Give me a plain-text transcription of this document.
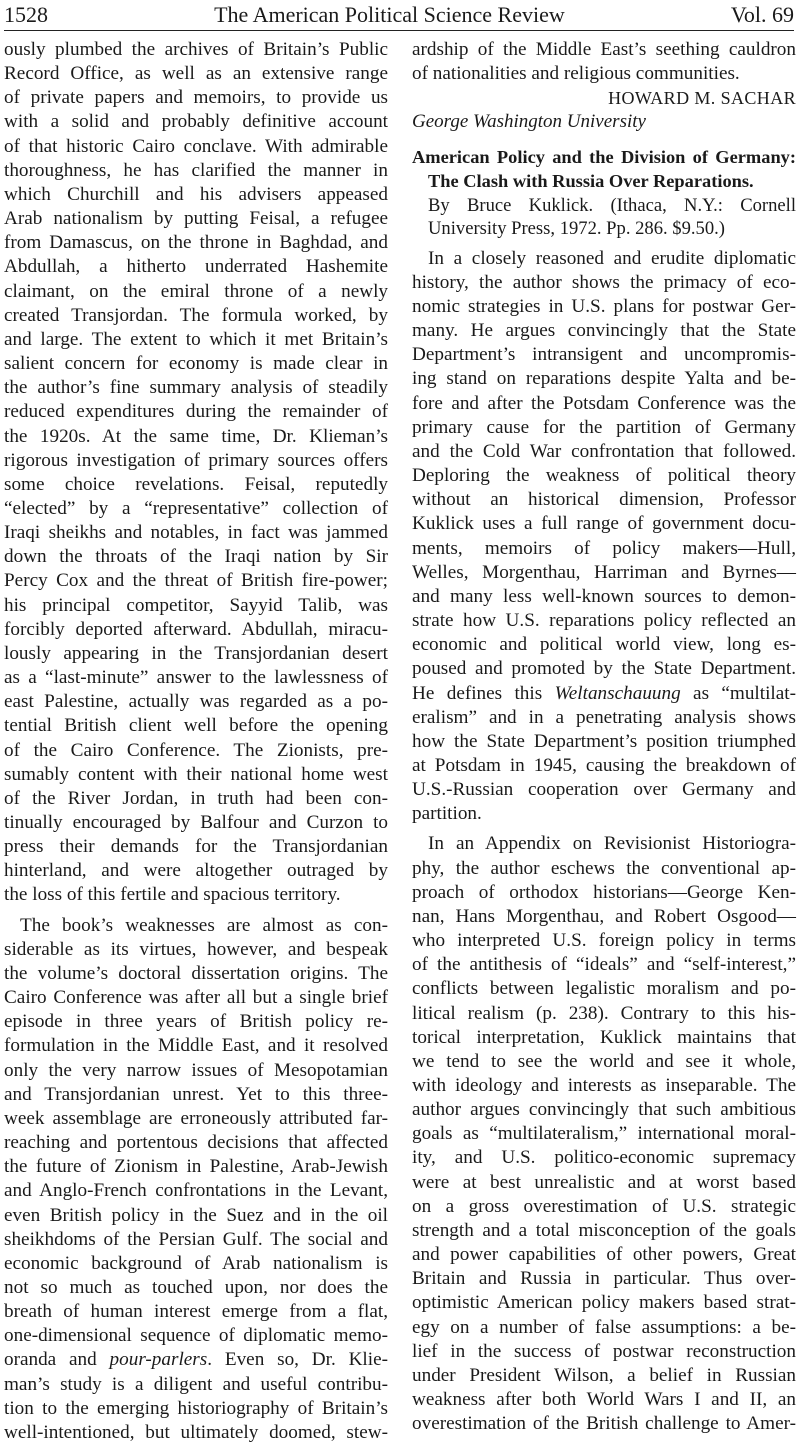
1528	The American Political Science Review	Vol. 69
ously plumbed the archives of Britain’s Public
Record Office, as well as an extensive range
of private papers and memoirs, to provide us
with a solid and probably definitive account
of that historic Cairo conclave. With admirable
thoroughness, he has clarified the manner in
which Churchill and his advisers appeased
Arab nationalism by putting Feisal, a refugee
from Damascus, on the throne in Baghdad, and
Abdullah, a hitherto underrated Hashemite
claimant, on the emiral throne of a newly
created Transjordan. The formula worked, by
and large. The extent to which it met Britain’s
salient concern for economy is made clear in
the author’s fine summary analysis of steadily
reduced expenditures during the remainder of
the 1920s. At the same time, Dr. Klieman’s
rigorous investigation of primary sources offers
some choice revelations. Feisal, reputedly
“elected” by a “representative” collection of
Iraqi sheikhs and notables, in fact was jammed
down the throats of the Iraqi nation by Sir
Percy Cox and the threat of British fire-power;
his principal competitor, Sayyid Talib, was
forcibly deported afterward. Abdullah, miracu-
lously appearing in the Transjordanian desert
as a “last-minute” answer to the lawlessness of
east Palestine, actually was regarded as a po-
tential British client well before the opening
of the Cairo Conference. The Zionists, pre-
sumably content with their national home west
of the River Jordan, in truth had been con-
tinually encouraged by Balfour and Curzon to
press their demands for the Transjordanian
hinterland, and were altogether outraged by
the loss of this fertile and spacious territory.
The book’s weaknesses are almost as con-
siderable as its virtues, however, and bespeak
the volume’s doctoral dissertation origins. The
Cairo Conference was after all but a single brief
episode in three years of British policy re-
formulation in the Middle East, and it resolved
only the very narrow issues of Mesopotamian
and Transjordanian unrest. Yet to this three-
week assemblage are erroneously attributed far-
reaching and portentous decisions that affected
the future of Zionism in Palestine, Arab-Jewish
and Anglo-French confrontations in the Levant,
even British policy in the Suez and in the oil
sheikhdoms of the Persian Gulf. The social and
economic background of Arab nationalism is
not so much as touched upon, nor does the
breath of human interest emerge from a flat,
one-dimensional sequence of diplomatic memo-
oranda and pour-parlers. Even so, Dr. Klie-
man’s study is a diligent and useful contribu-
tion to the emerging historiography of Britain’s
well-intentioned, but ultimately doomed, stew-
ardship of the Middle East’s seething cauldron
of nationalities and religious communities.

HOWARD M. SACHAR

George Washington University

American Policy and the Division of Germany:
The Clash with Russia Over Reparations.
By Bruce Kuklick. (Ithaca, N.Y.: Cornell
University Press, 1972. Pp. 286. $9.50.)
In a closely reasoned and erudite diplomatic
history, the author shows the primacy of eco-
nomic strategies in U.S. plans for postwar Ger-
many. He argues convincingly that the State
Department’s intransigent and uncompromis-
ing stand on reparations despite Yalta and be-
fore and after the Potsdam Conference was the
primary cause for the partition of Germany
and the Cold War confrontation that followed.
Deploring the weakness of political theory
without an historical dimension, Professor
Kuklick uses a full range of government docu-
ments, memoirs of policy makers—Hull,
Welles, Morgenthau, Harriman and Byrnes—
and many less well-known sources to demon-
strate how U.S. reparations policy reflected an
economic and political world view, long es-
poused and promoted by the State Department.
He defines this Weltanschauung as “multilat-
eralism” and in a penetrating analysis shows
how the State Department’s position triumphed
at Potsdam in 1945, causing the breakdown of
U.S.-Russian cooperation over Germany and
partition.
In an Appendix on Revisionist Historiogra-
phy, the author eschews the conventional ap-
proach of orthodox historians—George Ken-
nan, Hans Morgenthau, and Robert Osgood—
who interpreted U.S. foreign policy in terms
of the antithesis of “ideals” and “self-interest,”
conflicts between legalistic moralism and po-
litical realism (p. 238). Contrary to this his-
torical interpretation, Kuklick maintains that
we tend to see the world and see it whole,
with ideology and interests as inseparable. The
author argues convincingly that such ambitious
goals as “multilateralism,” international moral-
ity, and U.S. politico-economic supremacy
were at best unrealistic and at worst based
on a gross overestimation of U.S. strategic
strength and a total misconception of the goals
and power capabilities of other powers, Great
Britain and Russia in particular. Thus over-
optimistic American policy makers based strat-
egy on a number of false assumptions: a be-
lief in the success of postwar reconstruction
under President Wilson, a belief in Russian
weakness after both World Wars I and II, an
overestimation of the British challenge to Amer-
